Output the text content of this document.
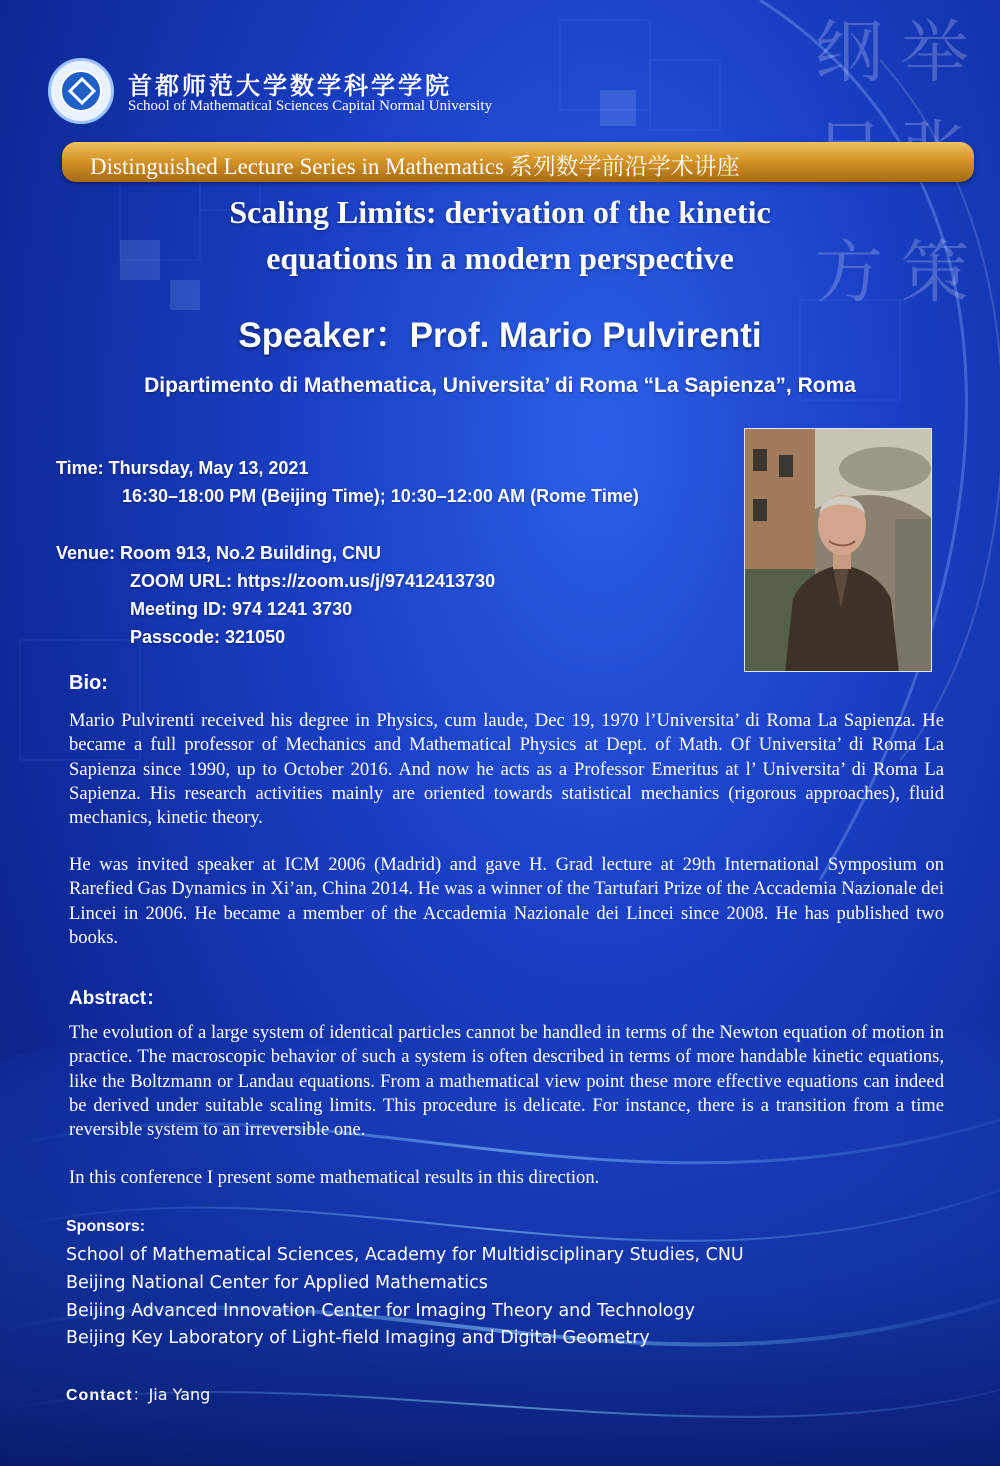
纲 举
方 策
首都师范大学数学科学学院
School of Mathematical Sciences Capital Normal University
Distinguished Lecture Series in Mathematics 系列数学前沿学术讲座
Scaling Limits: derivation of the kinetic
equations in a modern perspective
Speaker：Prof. Mario Pulvirenti
Dipartimento di Mathematica, Universita’ di Roma “La Sapienza”, Roma
Time: Thursday, May 13, 2021
16:30–18:00 PM (Beijing Time); 10:30–12:00 AM (Rome Time)
Venue: Room 913, No.2 Building, CNU
ZOOM URL: https://zoom.us/j/97412413730
Meeting ID: 974 1241 3730
Passcode: 321050
Bio:

Mario Pulvirenti received his degree in Physics, cum laude, Dec 19, 1970 l’Universita’ di Roma La Sapienza. He became a full professor of Mechanics and Mathematical Physics at Dept. of Math. Of Universita’ di Roma La Sapienza since 1990, up to October 2016. And now he acts as a Professor Emeritus at l’ Universita’ di Roma La Sapienza. His research activities mainly are oriented towards statistical mechanics (rigorous approaches), fluid mechanics, kinetic theory.

He was invited speaker at ICM 2006 (Madrid) and gave H. Grad lecture at 29th International Symposium on Rarefied Gas Dynamics in Xi’an, China 2014. He was a winner of the Tartufari Prize of the Accademia Nazionale dei Lincei in 2006. He became a member of the Accademia Nazionale dei Lincei since 2008. He has published two books.

Abstract：

The evolution of a large system of identical particles cannot be handled in terms of the Newton equation of motion in practice. The macroscopic behavior of such a system is often described in terms of more handable kinetic equations, like the Boltzmann or Landau equations. From a mathematical view point these more effective equations can indeed be derived under suitable scaling limits. This procedure is delicate. For instance, there is a transition from a time reversible system to an irreversible one.

In this conference I present some mathematical results in this direction.

Sponsors:
School of Mathematical Sciences, Academy for Multidisciplinary Studies, CNU
Beijing National Center for Applied Mathematics
Beijing Advanced Innovation Center for Imaging Theory and Technology
Beijing Key Laboratory of Light-field Imaging and Digital Geometry
Contact：Jia Yang
